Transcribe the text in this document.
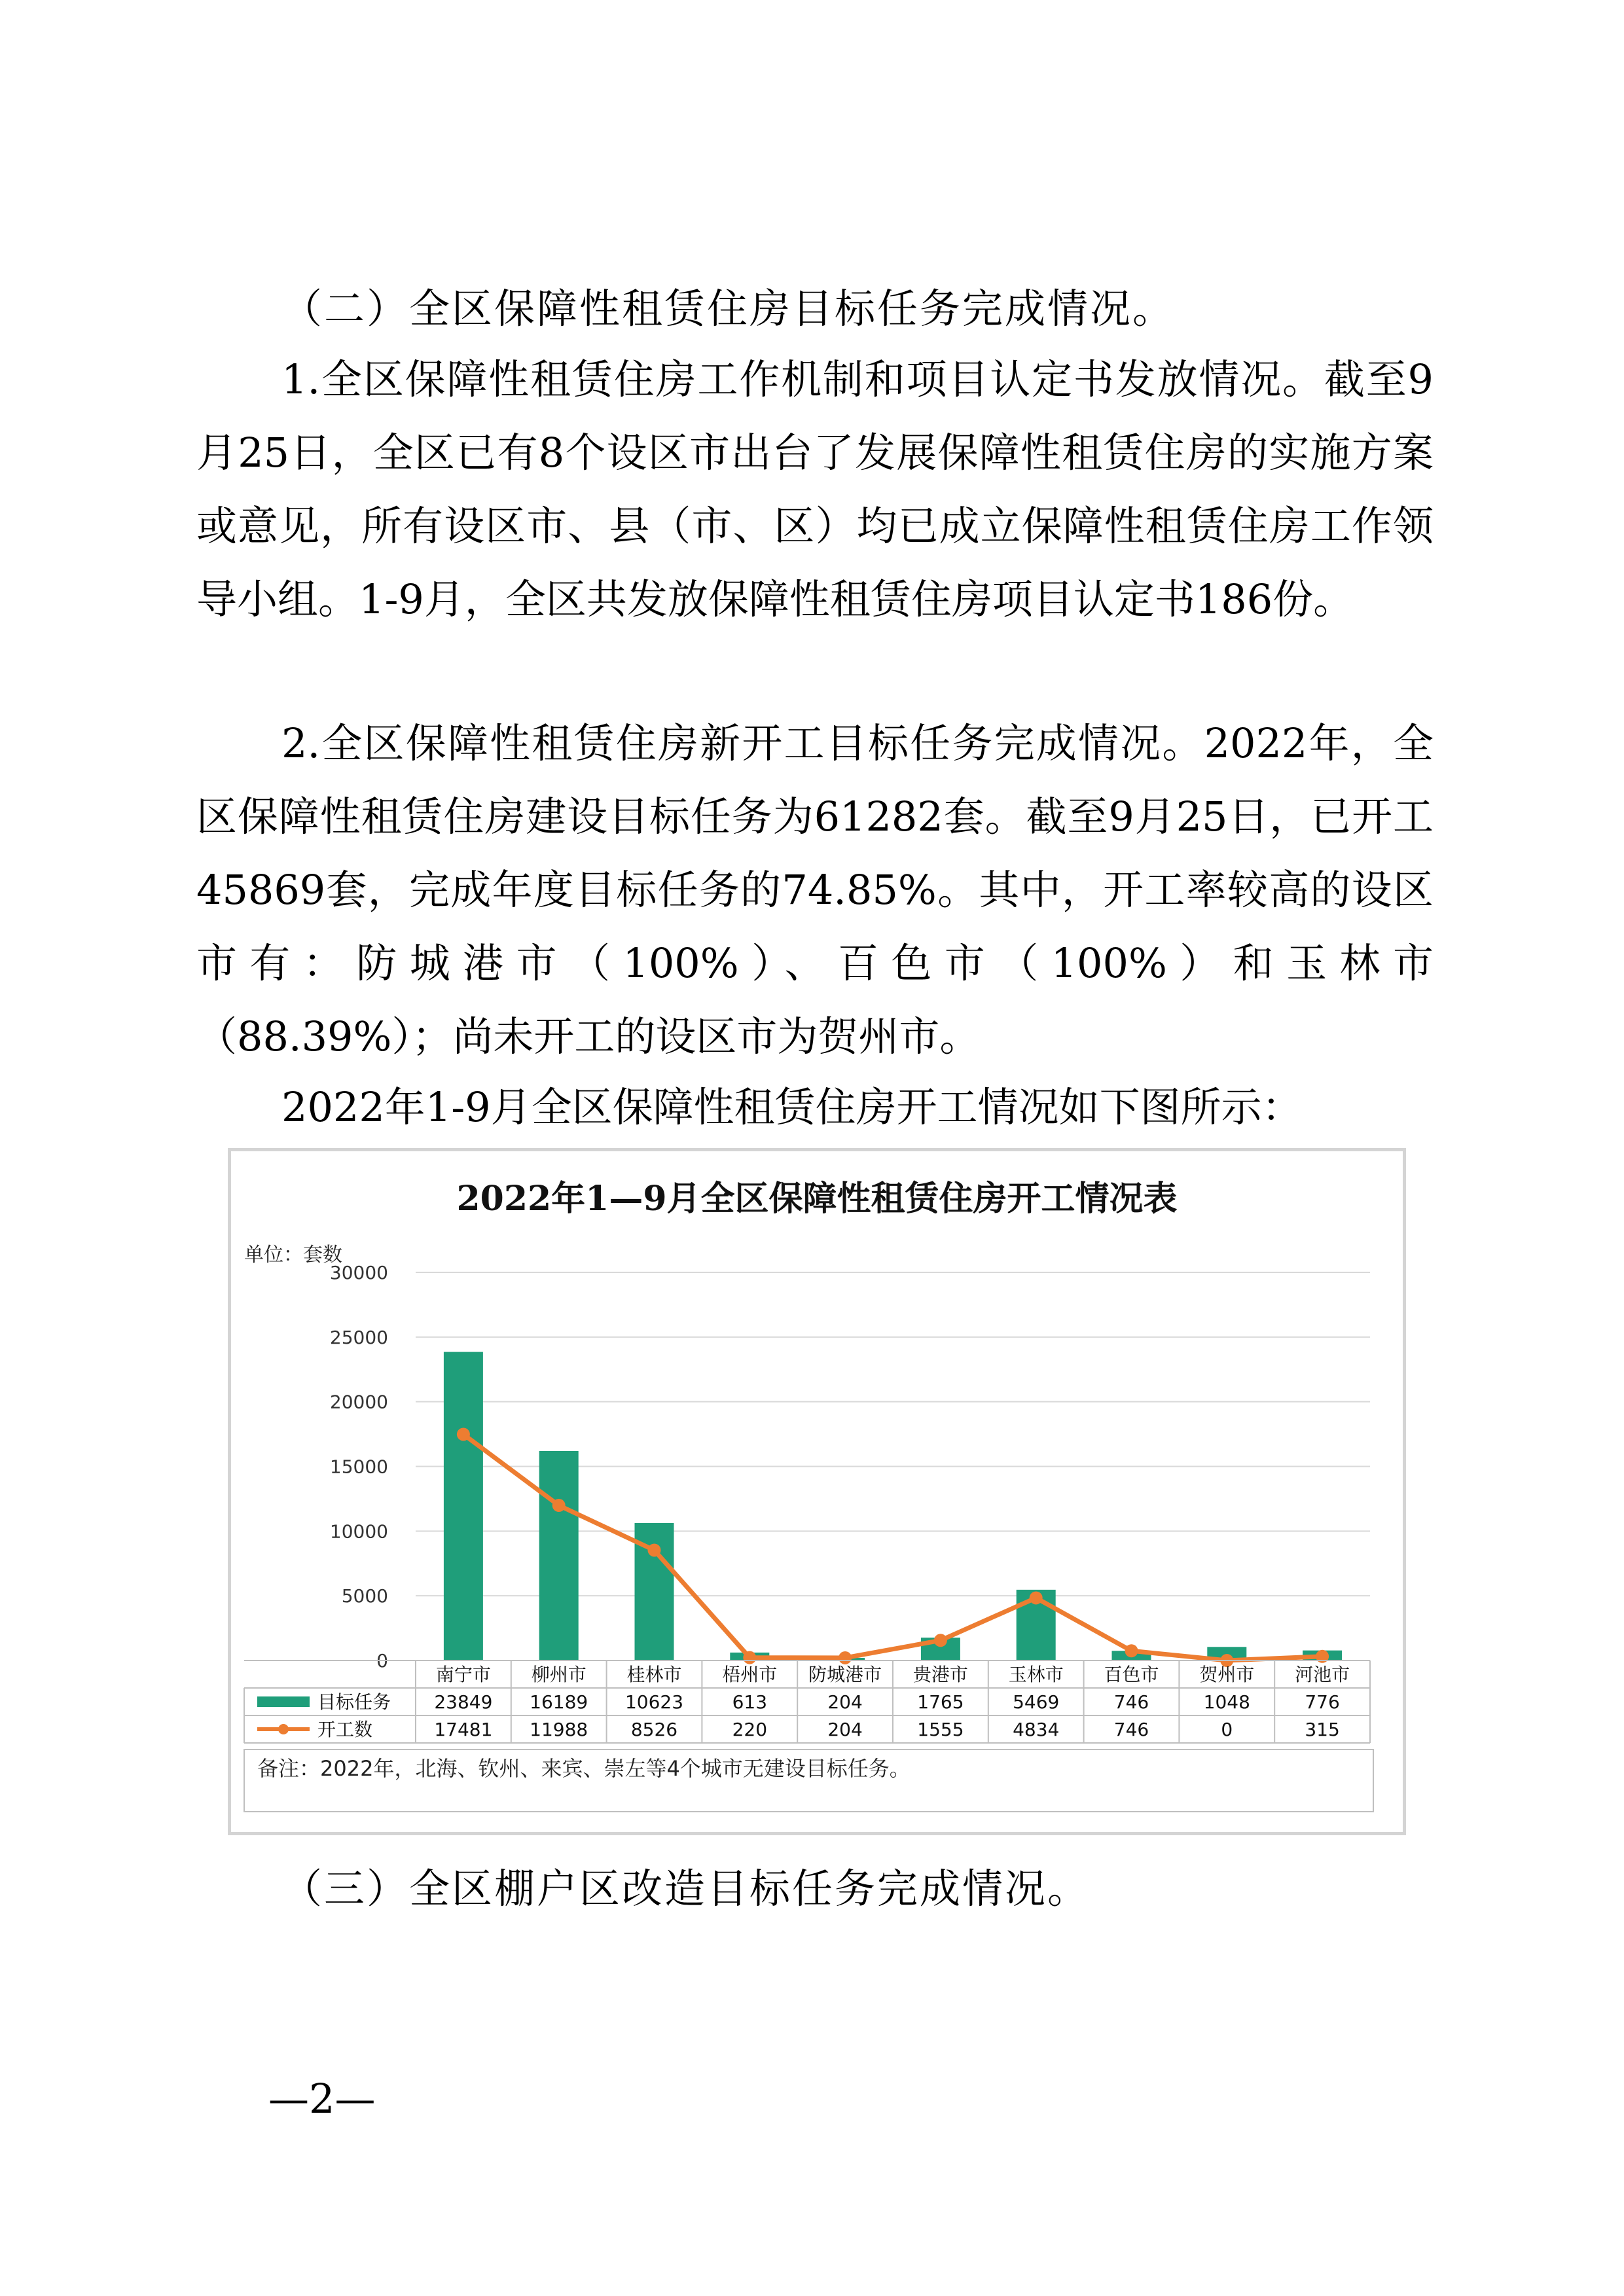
（二）全区保障性租赁住房目标任务完成情况。

1.全区保障性租赁住房工作机制和项目认定书发放情况。截至9月25日，全区已有8个设区市出台了发展保障性租赁住房的实施方案或意见，所有设区市、县（市、区）均已成立保障性租赁住房工作领导小组。1-9月，全区共发放保障性租赁住房项目认定书186份。

2.全区保障性租赁住房新开工目标任务完成情况。2022年，全区保障性租赁住房建设目标任务为61282套。截至9月25日，已开工45869套，完成年度目标任务的74.85%。其中，开工率较高的设区市有：防城港市（100%）、百色市（100%）和玉林市（88.39%）；尚未开工的设区市为贺州市。

2022年1-9月全区保障性租赁住房开工情况如下图所示：

2022年1—9月全区保障性租赁住房开工情况表
单位：套数
30000
25000
20000
15000
10000
5000
0
南宁市 柳州市 桂林市 梧州市 防城港市 贵港市 玉林市 百色市 贺州市 河池市
目标任务
开工数
23849 16189 10623	613	204	1765	5469	746	1048	776
17481 11988 8526	220	204	1555	4834	746	0	315
备注：2022年，北海、钦州、来宾、崇左等4个城市无建设目标任务。

（三）全区棚户区改造目标任务完成情况。

—2—
